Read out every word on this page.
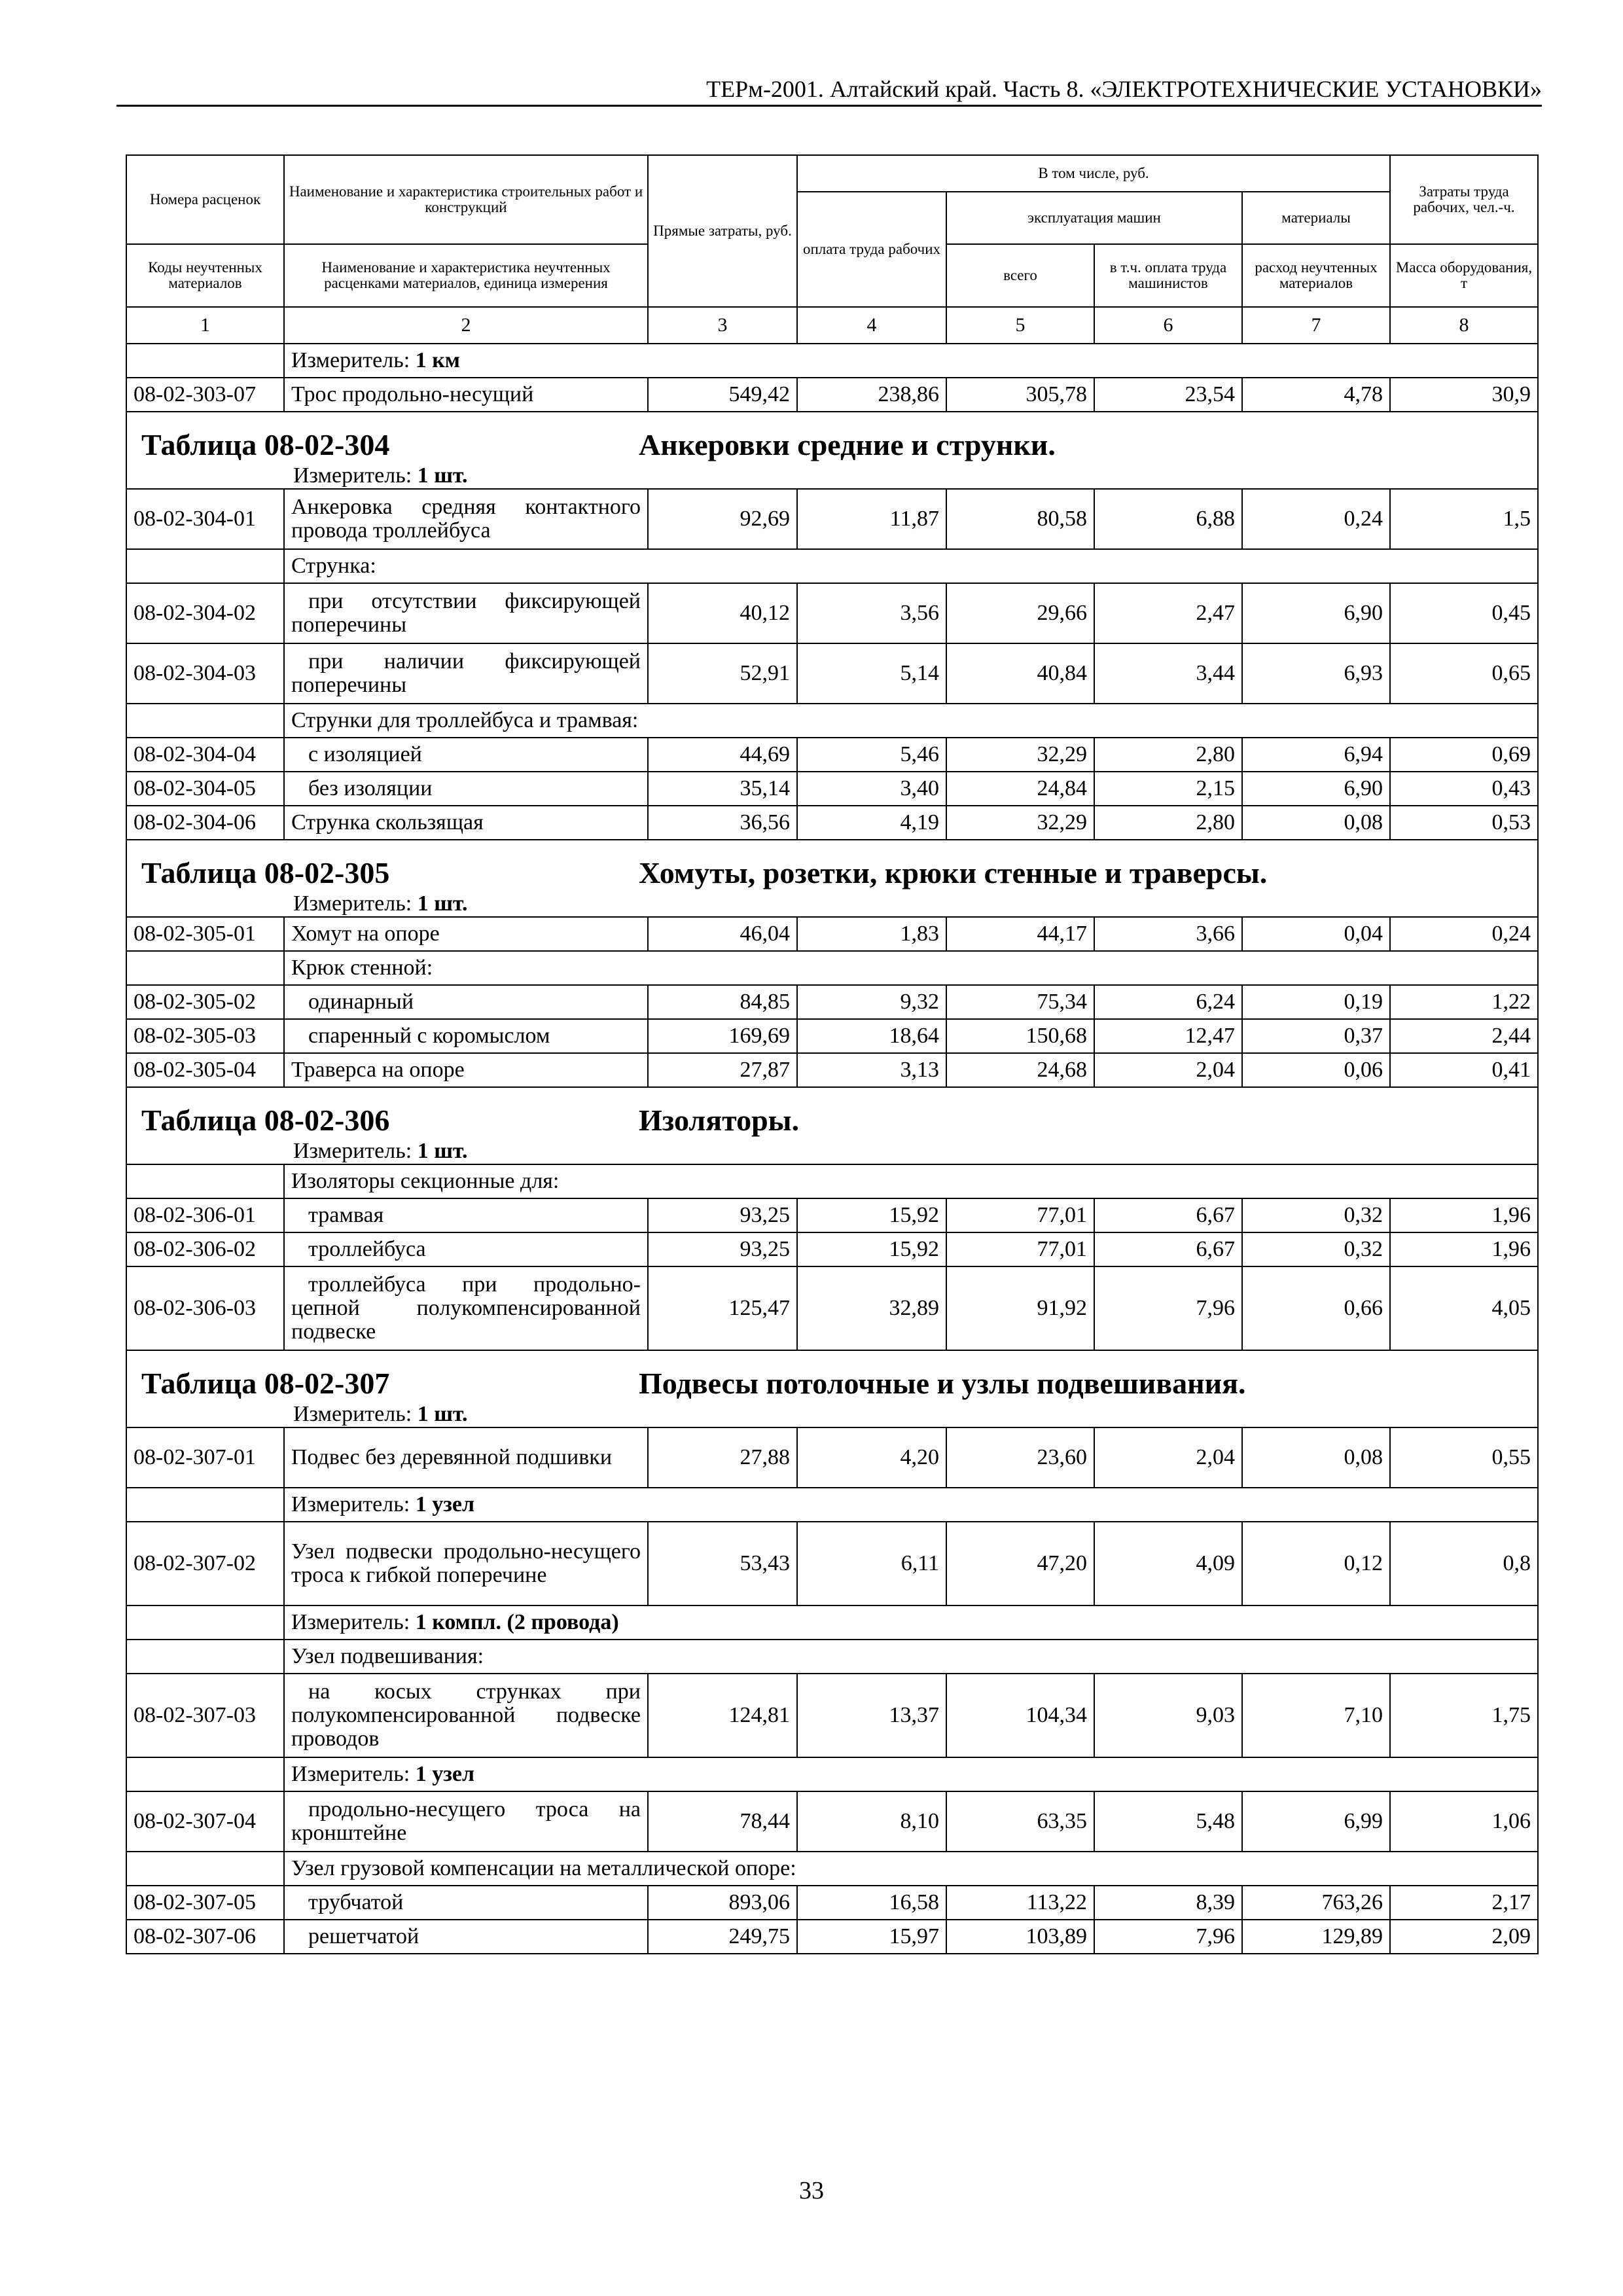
ТЕРм-2001. Алтайский край. Часть 8. «ЭЛЕКТРОТЕХНИЧЕСКИЕ УСТАНОВКИ»
Номера расценок	Наименование и характеристика строительных работ и конструкций	Прямые затраты, руб.	В том числе, руб.				Затраты труда рабочих, чел.-ч.
			оплата труда рабочих	эксплуатация машин		материалы	
Коды неучтенных материалов	Наименование и характеристика неучтенных расценками материалов, единица измерения			всего	в т.ч. оплата труда машинистов	расход неучтенных материалов	Масса оборудования, т
1	2	3	4	5	6	7	8
	Измеритель: 1 км						
08-02-303-07	Трос продольно-несущий	549,42	238,86	305,78	23,54	4,78	30,9

Таблица 08-02-304 Анкеровки средние и струнки.
Измеритель: 1 шт.							

08-02-304-01	Анкеровка средняя контактного провода троллейбуса	92,69	11,87	80,58	6,88	0,24	1,5
	Струнка:						
08-02-304-02	при отсутствии фиксирующей поперечины	40,12	3,56	29,66	2,47	6,90	0,45
08-02-304-03	при наличии фиксирующей поперечины	52,91	5,14	40,84	3,44	6,93	0,65
	Струнки для троллейбуса и трамвая:						
08-02-304-04	с изоляцией	44,69	5,46	32,29	2,80	6,94	0,69
08-02-304-05	без изоляции	35,14	3,40	24,84	2,15	6,90	0,43
08-02-304-06	Струнка скользящая	36,56	4,19	32,29	2,80	0,08	0,53

Таблица 08-02-305 Хомуты, розетки, крюки стенные и траверсы.
Измеритель: 1 шт.							

08-02-305-01	Хомут на опоре	46,04	1,83	44,17	3,66	0,04	0,24
	Крюк стенной:						
08-02-305-02	одинарный	84,85	9,32	75,34	6,24	0,19	1,22
08-02-305-03	спаренный с коромыслом	169,69	18,64	150,68	12,47	0,37	2,44
08-02-305-04	Траверса на опоре	27,87	3,13	24,68	2,04	0,06	0,41

Таблица 08-02-306 Изоляторы.
Измеритель: 1 шт.							

	Изоляторы секционные для:						
08-02-306-01	трамвая	93,25	15,92	77,01	6,67	0,32	1,96
08-02-306-02	троллейбуса	93,25	15,92	77,01	6,67	0,32	1,96
08-02-306-03	троллейбуса при продольно-цепной полукомпенсированной подвеске	125,47	32,89	91,92	7,96	0,66	4,05

Таблица 08-02-307 Подвесы потолочные и узлы подвешивания.
Измеритель: 1 шт.							

08-02-307-01	Подвес без деревянной подшивки	27,88	4,20	23,60	2,04	0,08	0,55
	Измеритель: 1 узел						
08-02-307-02	Узел подвески продольно-несущего троса к гибкой поперечине	53,43	6,11	47,20	4,09	0,12	0,8
	Измеритель: 1 компл. (2 провода)						
	Узел подвешивания:						
08-02-307-03	на косых струнках при полукомпенсированной подвеске проводов	124,81	13,37	104,34	9,03	7,10	1,75
	Измеритель: 1 узел						
08-02-307-04	продольно-несущего троса на кронштейне	78,44	8,10	63,35	5,48	6,99	1,06
	Узел грузовой компенсации на металлической опоре:						
08-02-307-05	трубчатой	893,06	16,58	113,22	8,39	763,26	2,17
08-02-307-06	решетчатой	249,75	15,97	103,89	7,96	129,89	2,09
33
